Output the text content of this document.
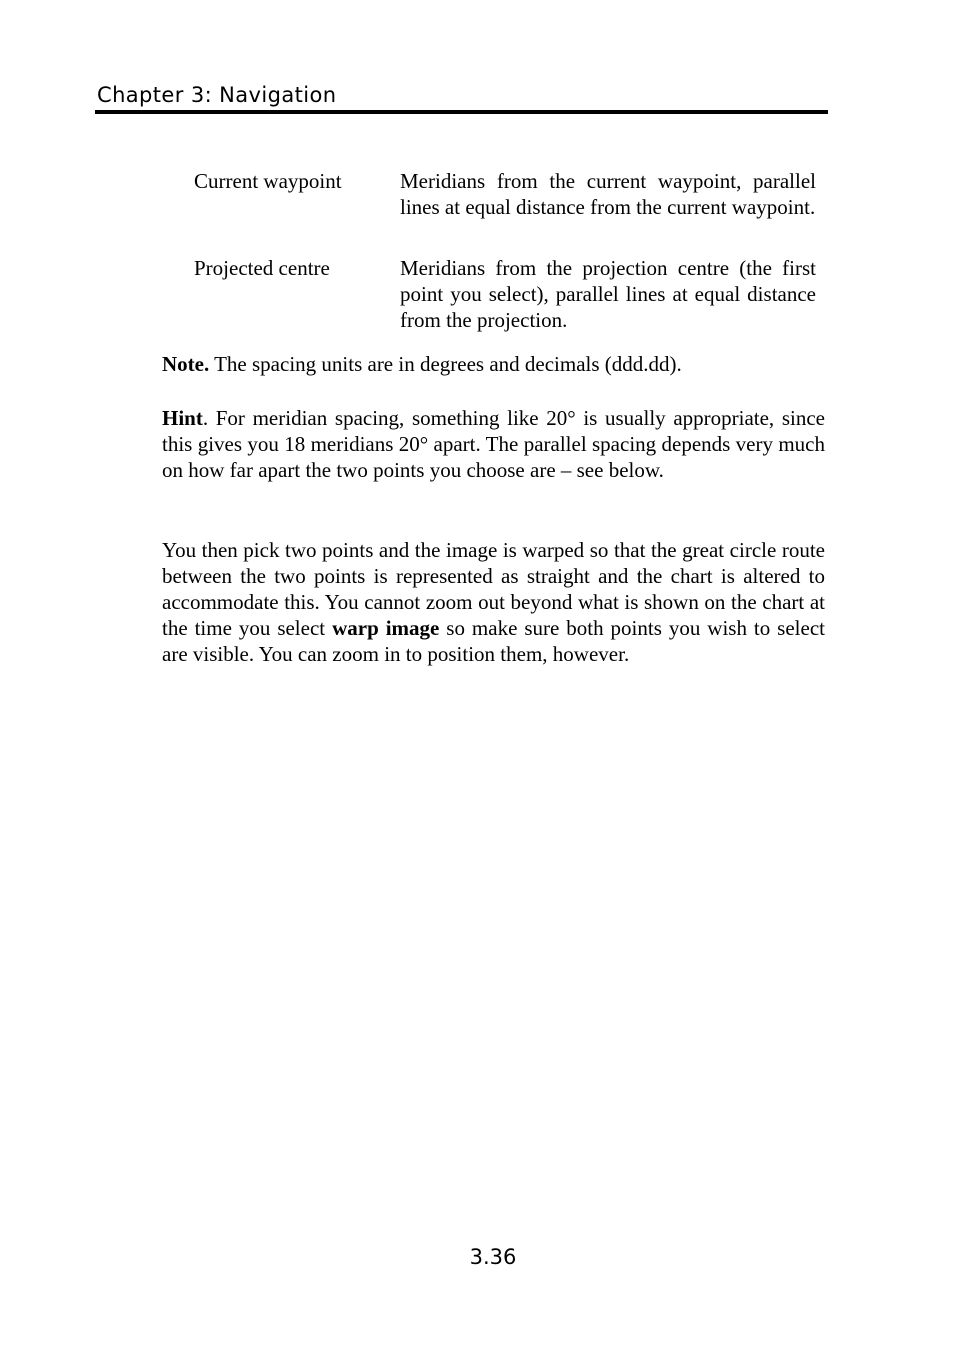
Chapter 3: Navigation
Current waypoint	Meridians from the current waypoint, parallel lines at equal distance from the current waypoint.
Projected centre	Meridians from the projection centre (the first point you select), parallel lines at equal distance from the projection.
Note. The spacing units are in degrees and decimals (ddd.dd).
Hint. For meridian spacing, something like 20° is usually appropriate, since this gives you 18 meridians 20° apart. The parallel spacing depends very much on how far apart the two points you choose are – see below.
You then pick two points and the image is warped so that the great circle route between the two points is represented as straight and the chart is altered to accommodate this. You cannot zoom out beyond what is shown on the chart at the time you select warp image so make sure both points you wish to select are visible. You can zoom in to position them, however.
3.36
